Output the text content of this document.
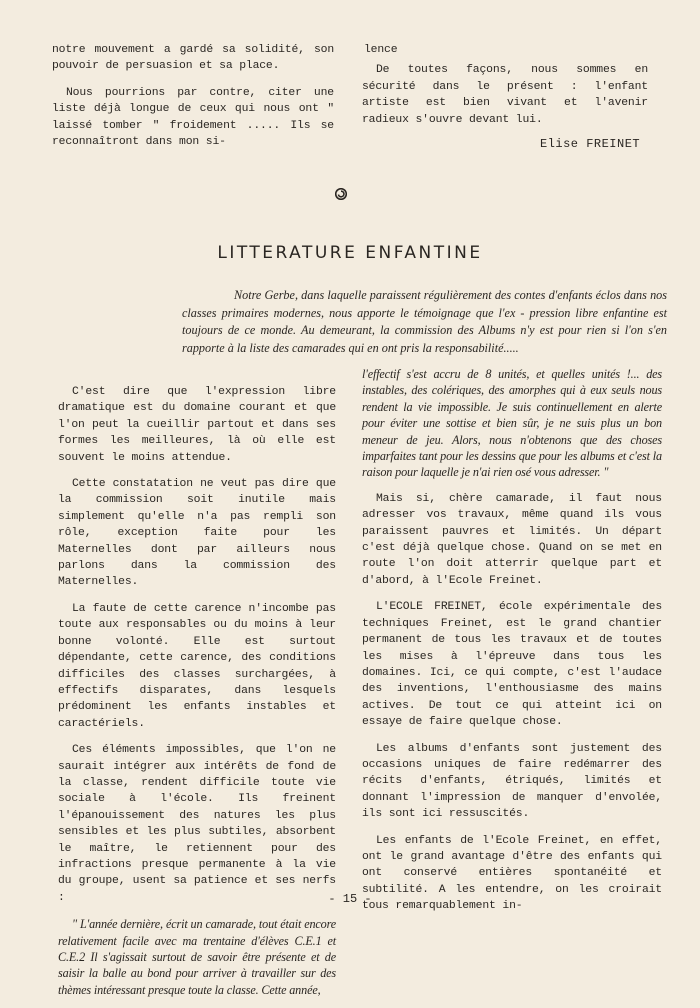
notre mouvement a gardé sa solidité, son pouvoir de persuasion et sa place.

Nous pourrions par contre, citer une liste déjà longue de ceux qui nous ont " laissé tomber " froidement ..... Ils se reconnaîtront dans mon si-

lence

De toutes façons, nous sommes en sécurité dans le présent : l'enfant artiste est bien vivant et l'avenir radieux s'ouvre devant lui.

Elise FREINET
LITTERATURE ENFANTINE

Notre Gerbe, dans laquelle paraissent régulièrement des contes d'enfants éclos dans nos classes primaires modernes, nous apporte le témoignage que l'ex - pression libre enfantine est toujours de ce monde. Au demeurant, la commission des Albums n'y est pour rien si l'on s'en rapporte à la liste des camarades qui en ont pris la responsabilité.....

C'est dire que l'expression libre dramatique est du domaine courant et que l'on peut la cueillir partout et dans ses formes les meilleures, là où elle est souvent le moins attendue.

Cette constatation ne veut pas dire que la commission soit inutile mais simplement qu'elle n'a pas rempli son rôle, exception faite pour les Maternelles dont par ailleurs nous parlons dans la commission des Maternelles.

La faute de cette carence n'incombe pas toute aux responsables ou du moins à leur bonne volonté. Elle est surtout dépendante, cette carence, des conditions difficiles des classes surchargées, à effectifs disparates, dans lesquels prédominent les enfants instables et caractériels.

Ces éléments impossibles, que l'on ne saurait intégrer aux intérêts de fond de la classe, rendent difficile toute vie sociale à l'école. Ils freinent l'épanouissement des natures les plus sensibles et les plus subtiles, absorbent le maître, le retiennent pour des infractions presque permanente à la vie du groupe, usent sa patience et ses nerfs :

" L'année dernière, écrit un camarade, tout était encore relativement facile avec ma trentaine d'élèves C.E.1 et C.E.2 Il s'agissait surtout de savoir être présente et de saisir la balle au bond pour arriver à travailler sur des thèmes intéressant presque toute la classe. Cette année,

l'effectif s'est accru de 8 unités, et quelles unités !... des instables, des colériques, des amorphes qui à eux seuls nous rendent la vie impossible. Je suis continuellement en alerte pour éviter une sottise et bien sûr, je ne suis plus un bon meneur de jeu. Alors, nous n'obtenons que des choses imparfaites tant pour les dessins que pour les albums et c'est la raison pour laquelle je n'ai rien osé vous adresser. "

Mais si, chère camarade, il faut nous adresser vos travaux, même quand ils vous paraissent pauvres et limités. Un départ c'est déjà quelque chose. Quand on se met en route l'on doit atterrir quelque part et d'abord, à l'Ecole Freinet.

L'ECOLE FREINET, école expérimentale des techniques Freinet, est le grand chantier permanent de tous les travaux et de toutes les mises à l'épreuve dans tous les domaines. Ici, ce qui compte, c'est l'audace des inventions, l'enthousiasme des mains actives. De tout ce qui atteint ici on essaye de faire quelque chose.

Les albums d'enfants sont justement des occasions uniques de faire redémarrer des récits d'enfants, étriqués, limités et donnant l'impression de manquer d'envolée, ils sont ici ressuscités.

Les enfants de l'Ecole Freinet, en effet, ont le grand avantage d'être des enfants qui ont conservé entières spontanéité et subtilité. A les entendre, on les croirait tous remarquablement in-

- 15 -
